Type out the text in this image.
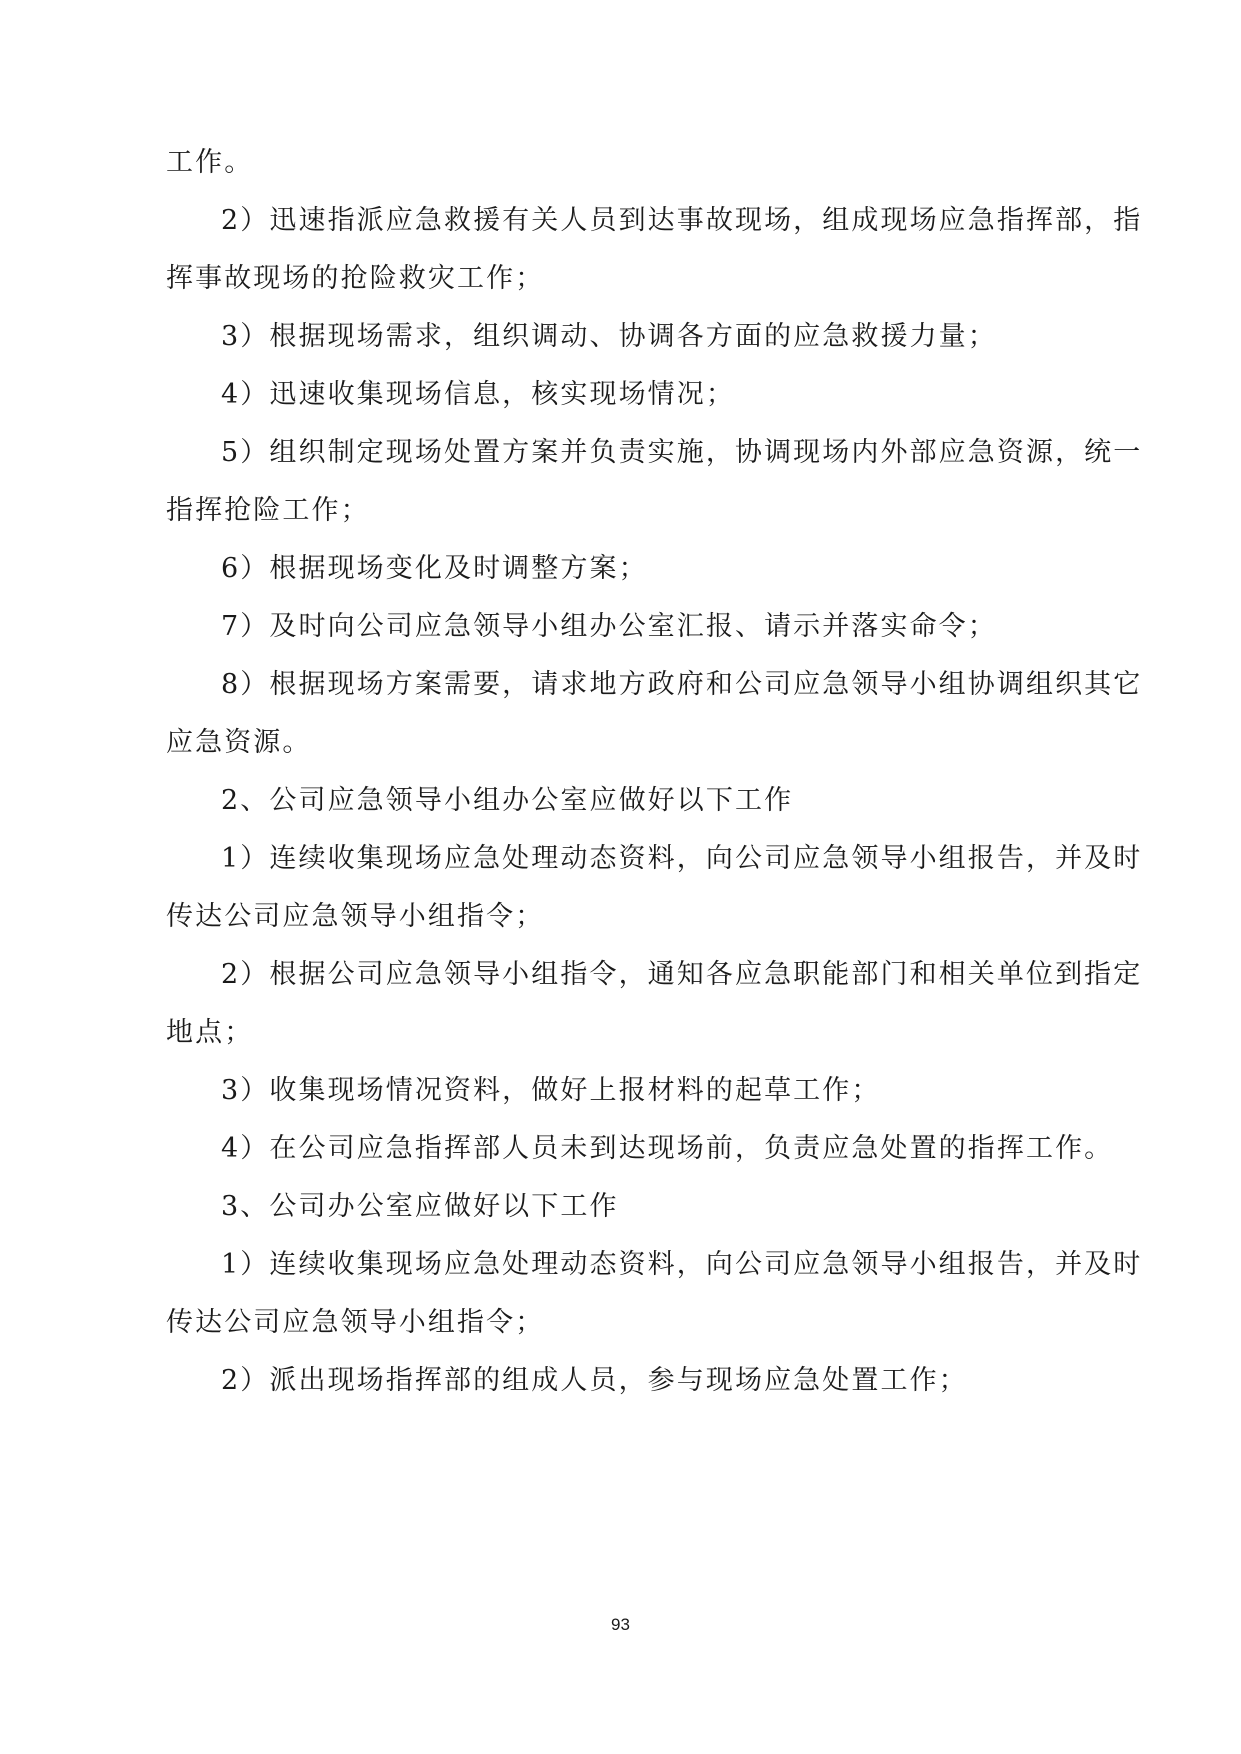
工作。
2）迅速指派应急救援有关人员到达事故现场，组成现场应急指挥部，指
挥事故现场的抢险救灾工作；
3）根据现场需求，组织调动、协调各方面的应急救援力量；
4）迅速收集现场信息，核实现场情况；
5）组织制定现场处置方案并负责实施，协调现场内外部应急资源，统一
指挥抢险工作；
6）根据现场变化及时调整方案；
7）及时向公司应急领导小组办公室汇报、请示并落实命令；
8）根据现场方案需要，请求地方政府和公司应急领导小组协调组织其它
应急资源。
2、公司应急领导小组办公室应做好以下工作
1）连续收集现场应急处理动态资料，向公司应急领导小组报告，并及时
传达公司应急领导小组指令；
2）根据公司应急领导小组指令，通知各应急职能部门和相关单位到指定
地点；
3）收集现场情况资料，做好上报材料的起草工作；
4）在公司应急指挥部人员未到达现场前，负责应急处置的指挥工作。
3、公司办公室应做好以下工作
1）连续收集现场应急处理动态资料，向公司应急领导小组报告，并及时
传达公司应急领导小组指令；
2）派出现场指挥部的组成人员，参与现场应急处置工作；
93
